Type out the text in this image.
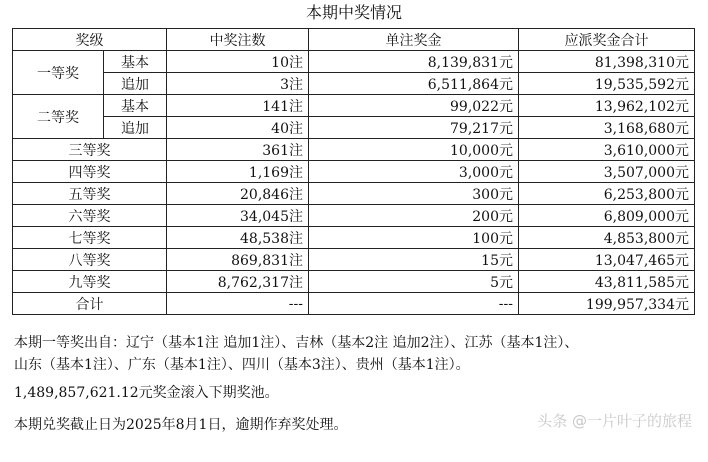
本期中奖情况
奖级		中奖注数	单注奖金	应派奖金合计
一等奖	基本	10注	8,139,831元	81,398,310元
	追加	3注	6,511,864元	19,535,592元
二等奖	基本	141注	99,022元	13,962,102元
	追加	40注	79,217元	3,168,680元
三等奖		361注	10,000元	3,610,000元
四等奖		1,169注	3,000元	3,507,000元
五等奖		20,846注	300元	6,253,800元
六等奖		34,045注	200元	6,809,000元
七等奖		48,538注	100元	4,853,800元
八等奖		869,831注	15元	13,047,465元
九等奖		8,762,317注	5元	43,811,585元
合计		---	---	199,957,334元
本期一等奖出自：辽宁（基本1注 追加1注）、吉林（基本2注 追加2注）、江苏（基本1注）、
山东（基本1注）、广东（基本1注）、四川（基本3注）、贵州（基本1注）。
1,489,857,621.12元奖金滚入下期奖池。
本期兑奖截止日为2025年8月1日，逾期作弃奖处理。	头条 @一片叶子的旅程
